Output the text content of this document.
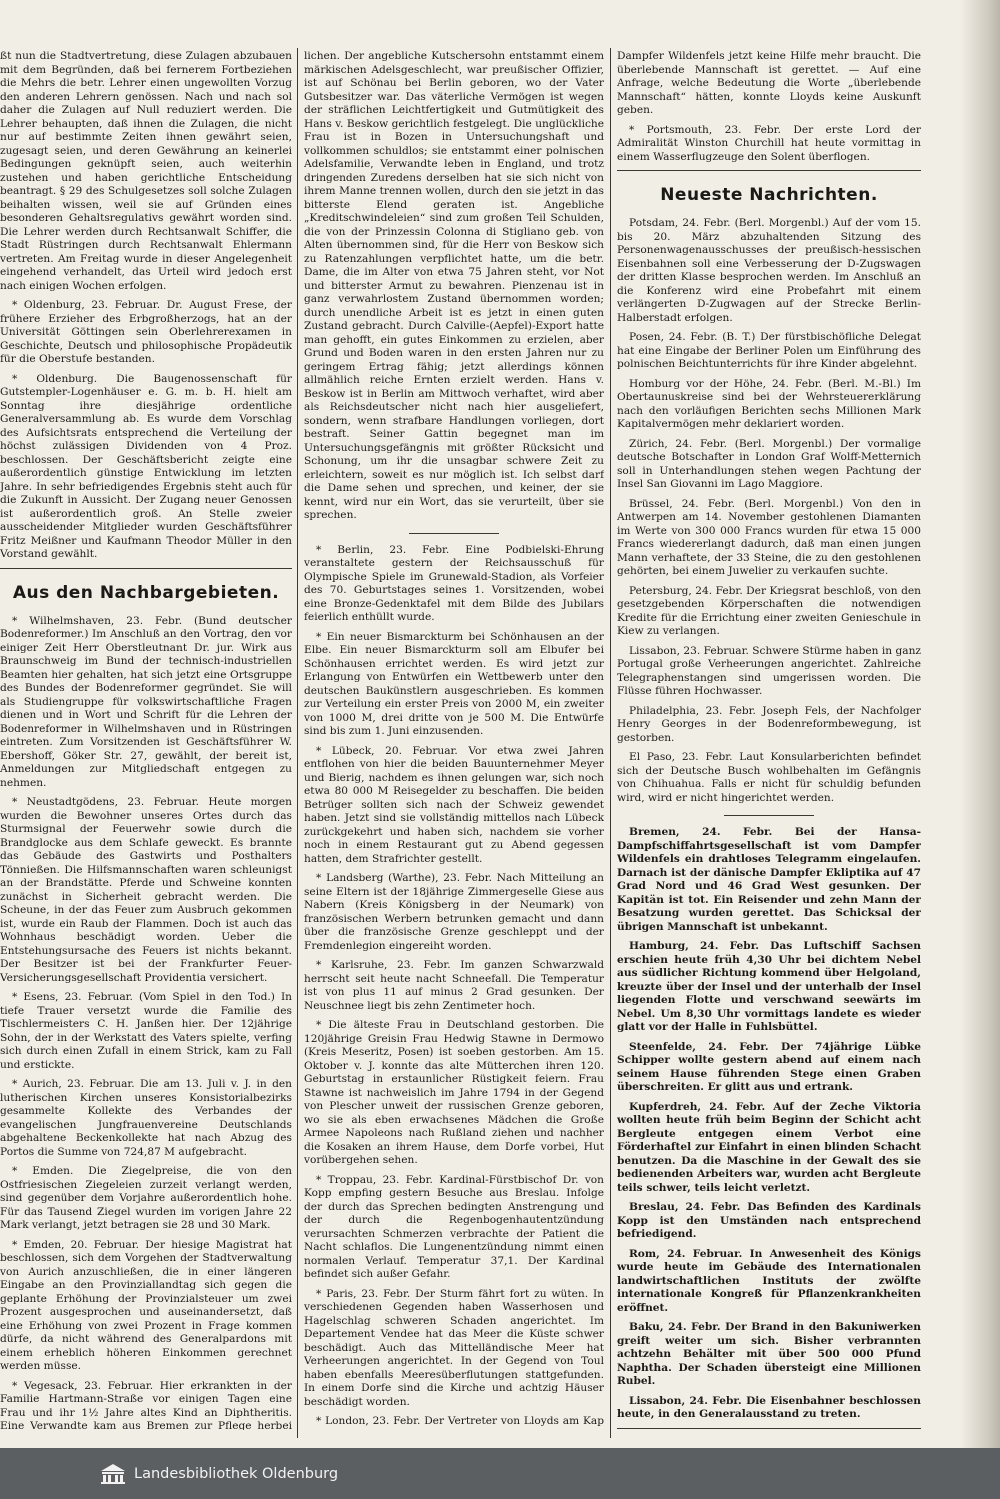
ßt nun die Stadtvertretung, diese Zulagen abzubauen mit dem Begründen, daß bei fernerem Fortbeziehen die Mehrs die betr. Lehrer einen ungewollten Vorzug den anderen Lehrern genössen. Nach und nach sol daher die Zulagen auf Null reduziert werden. Die Lehrer behaupten, daß ihnen die Zulagen, die nicht nur auf bestimmte Zeiten ihnen gewährt seien, zugesagt seien, und deren Gewährung an keinerlei Bedingungen geknüpft seien, auch weiterhin zustehen und haben gerichtliche Entscheidung beantragt. § 29 des Schulgesetzes soll solche Zulagen beihalten wissen, weil sie auf Gründen eines besonderen Gehaltsregulativs gewährt worden sind. Die Lehrer werden durch Rechtsanwalt Schiffer, die Stadt Rüstringen durch Rechtsanwalt Ehlermann vertreten. Am Freitag wurde in dieser Angelegenheit eingehend verhandelt, das Urteil wird jedoch erst nach einigen Wochen erfolgen.

* Oldenburg, 23. Februar. Dr. August Frese, der frühere Erzieher des Erbgroßherzogs, hat an der Universität Göttingen sein Oberlehrerexamen in Geschichte, Deutsch und philosophische Propädeutik für die Oberstufe bestanden.

* Oldenburg. Die Baugenossenschaft für Gutstempler-Logenhäuser e. G. m. b. H. hielt am Sonntag ihre diesjährige ordentliche Generalversammlung ab. Es wurde dem Vorschlag des Aufsichtsrats entsprechend die Verteilung der höchst zulässigen Dividenden von 4 Proz. beschlossen. Der Geschäftsbericht zeigte eine außerordentlich günstige Entwicklung im letzten Jahre. In sehr befriedigendes Ergebnis steht auch für die Zukunft in Aussicht. Der Zugang neuer Genossen ist außerordentlich groß. An Stelle zweier ausscheidender Mitglieder wurden Geschäftsführer Fritz Meißner und Kaufmann Theodor Müller in den Vorstand gewählt.

Aus den Nachbargebieten.

* Wilhelmshaven, 23. Febr. (Bund deutscher Bodenreformer.) Im Anschluß an den Vortrag, den vor einiger Zeit Herr Oberstleutnant Dr. jur. Wirk aus Braunschweig im Bund der technisch-industriellen Beamten hier gehalten, hat sich jetzt eine Ortsgruppe des Bundes der Bodenreformer gegründet. Sie will als Studiengruppe für volkswirtschaftliche Fragen dienen und in Wort und Schrift für die Lehren der Bodenreformer in Wilhelmshaven und in Rüstringen eintreten. Zum Vorsitzenden ist Geschäftsführer W. Ebershoff, Göker Str. 27, gewählt, der bereit ist, Anmeldungen zur Mitgliedschaft entgegen zu nehmen.

* Neustadtgödens, 23. Februar. Heute morgen wurden die Bewohner unseres Ortes durch das Sturmsignal der Feuerwehr sowie durch die Brandglocke aus dem Schlafe geweckt. Es brannte das Gebäude des Gastwirts und Posthalters Tönnießen. Die Hilfsmannschaften waren schleunigst an der Brandstätte. Pferde und Schweine konnten zunächst in Sicherheit gebracht werden. Die Scheune, in der das Feuer zum Ausbruch gekommen ist, wurde ein Raub der Flammen. Doch ist auch das Wohnhaus beschädigt worden. Ueber die Entstehungsursache des Feuers ist nichts bekannt. Der Besitzer ist bei der Frankfurter Feuer-Versicherungsgesellschaft Providentia versichert.

* Esens, 23. Februar. (Vom Spiel in den Tod.) In tiefe Trauer versetzt wurde die Familie des Tischlermeisters C. H. Janßen hier. Der 12jährige Sohn, der in der Werkstatt des Vaters spielte, verfing sich durch einen Zufall in einem Strick, kam zu Fall und erstickte.

* Aurich, 23. Februar. Die am 13. Juli v. J. in den lutherischen Kirchen unseres Konsistorialbezirks gesammelte Kollekte des Verbandes der evangelischen Jungfrauenvereine Deutschlands abgehaltene Beckenkollekte hat nach Abzug des Portos die Summe von 724,87 M aufgebracht.

* Emden. Die Ziegelpreise, die von den Ostfriesischen Ziegeleien zurzeit verlangt werden, sind gegenüber dem Vorjahre außerordentlich hohe. Für das Tausend Ziegel wurden im vorigen Jahre 22 Mark verlangt, jetzt betragen sie 28 und 30 Mark.

* Emden, 20. Februar. Der hiesige Magistrat hat beschlossen, sich dem Vorgehen der Stadtverwaltung von Aurich anzuschließen, die in einer längeren Eingabe an den Provinziallandtag sich gegen die geplante Erhöhung der Provinzialsteuer um zwei Prozent ausgesprochen und auseinandersetzt, daß eine Erhöhung von zwei Prozent in Frage kommen dürfe, da nicht während des Generalpardons mit einem erheblich höheren Einkommen gerechnet werden müsse.

* Vegesack, 23. Februar. Hier erkrankten in der Familie Hartmann-Straße vor einigen Tagen eine Frau und ihr 1½ Jahre altes Kind an Diphtheritis. Eine Verwandte kam aus Bremen zur Pflege herbei

lichen. Der angebliche Kutschersohn entstammt einem märkischen Adelsgeschlecht, war preußischer Offizier, ist auf Schönau bei Berlin geboren, wo der Vater Gutsbesitzer war. Das väterliche Vermögen ist wegen der sträflichen Leichtfertigkeit und Gutmütigkeit des Hans v. Beskow gerichtlich festgelegt. Die unglückliche Frau ist in Bozen in Untersuchungshaft und vollkommen schuldlos; sie entstammt einer polnischen Adelsfamilie, Verwandte leben in England, und trotz dringenden Zuredens derselben hat sie sich nicht von ihrem Manne trennen wollen, durch den sie jetzt in das bitterste Elend geraten ist. Angebliche „Kreditschwindeleien“ sind zum großen Teil Schulden, die von der Prinzessin Colonna di Stigliano geb. von Alten übernommen sind, für die Herr von Beskow sich zu Ratenzahlungen verpflichtet hatte, um die betr. Dame, die im Alter von etwa 75 Jahren steht, vor Not und bitterster Armut zu bewahren. Pienzenau ist in ganz verwahrlostem Zustand übernommen worden; durch unendliche Arbeit ist es jetzt in einen guten Zustand gebracht. Durch Calville-(Aepfel)-Export hatte man gehofft, ein gutes Einkommen zu erzielen, aber Grund und Boden waren in den ersten Jahren nur zu geringem Ertrag fähig; jetzt allerdings können allmählich reiche Ernten erzielt werden. Hans v. Beskow ist in Berlin am Mittwoch verhaftet, wird aber als Reichsdeutscher nicht nach hier ausgeliefert, sondern, wenn strafbare Handlungen vorliegen, dort bestraft. Seiner Gattin begegnet man im Untersuchungsgefängnis mit größter Rücksicht und Schonung, um ihr die unsagbar schwere Zeit zu erleichtern, soweit es nur möglich ist. Ich selbst darf die Dame sehen und sprechen, und keiner, der sie kennt, wird nur ein Wort, das sie verurteilt, über sie sprechen.

* Berlin, 23. Febr. Eine Podbielski-Ehrung veranstaltete gestern der Reichsausschuß für Olympische Spiele im Grunewald-Stadion, als Vorfeier des 70. Geburtstages seines 1. Vorsitzenden, wobei eine Bronze-Gedenktafel mit dem Bilde des Jubilars feierlich enthüllt wurde.

* Ein neuer Bismarckturm bei Schönhausen an der Elbe. Ein neuer Bismarckturm soll am Elbufer bei Schönhausen errichtet werden. Es wird jetzt zur Erlangung von Entwürfen ein Wettbewerb unter den deutschen Baukünstlern ausgeschrieben. Es kommen zur Verteilung ein erster Preis von 2000 M, ein zweiter von 1000 M, drei dritte von je 500 M. Die Entwürfe sind bis zum 1. Juni einzusenden.

* Lübeck, 20. Februar. Vor etwa zwei Jahren entflohen von hier die beiden Bauunternehmer Meyer und Bierig, nachdem es ihnen gelungen war, sich noch etwa 80 000 M Reisegelder zu beschaffen. Die beiden Betrüger sollten sich nach der Schweiz gewendet haben. Jetzt sind sie vollständig mittellos nach Lübeck zurückgekehrt und haben sich, nachdem sie vorher noch in einem Restaurant gut zu Abend gegessen hatten, dem Strafrichter gestellt.

* Landsberg (Warthe), 23. Febr. Nach Mitteilung an seine Eltern ist der 18jährige Zimmergeselle Giese aus Nabern (Kreis Königsberg in der Neumark) von französischen Werbern betrunken gemacht und dann über die französische Grenze geschleppt und der Fremdenlegion eingereiht worden.

* Karlsruhe, 23. Febr. Im ganzen Schwarzwald herrscht seit heute nacht Schneefall. Die Temperatur ist von plus 11 auf minus 2 Grad gesunken. Der Neuschnee liegt bis zehn Zentimeter hoch.

* Die älteste Frau in Deutschland gestorben. Die 120jährige Greisin Frau Hedwig Stawne in Dermowo (Kreis Meseritz, Posen) ist soeben gestorben. Am 15. Oktober v. J. konnte das alte Mütterchen ihren 120. Geburtstag in erstaunlicher Rüstigkeit feiern. Frau Stawne ist nachweislich im Jahre 1794 in der Gegend von Plescher unweit der russischen Grenze geboren, wo sie als eben erwachsenes Mädchen die Große Armee Napoleons nach Rußland ziehen und nachher die Kosaken an ihrem Hause, dem Dorfe vorbei, Hut vorübergehen sehen.

* Troppau, 23. Febr. Kardinal-Fürstbischof Dr. von Kopp empfing gestern Besuche aus Breslau. Infolge der durch das Sprechen bedingten Anstrengung und der durch die Regenbogenhautentzündung verursachten Schmerzen verbrachte der Patient die Nacht schlaflos. Die Lungenentzündung nimmt einen normalen Verlauf. Temperatur 37,1. Der Kardinal befindet sich außer Gefahr.

* Paris, 23. Febr. Der Sturm fährt fort zu wüten. In verschiedenen Gegenden haben Wasserhosen und Hagelschlag schweren Schaden angerichtet. Im Departement Vendee hat das Meer die Küste schwer beschädigt. Auch das Mittelländische Meer hat Verheerungen angerichtet. In der Gegend von Toul haben ebenfalls Meeresüberflutungen stattgefunden. In einem Dorfe sind die Kirche und achtzig Häuser beschädigt worden.

* London, 23. Febr. Der Vertreter von Lloyds am Kap

Dampfer Wildenfels jetzt keine Hilfe mehr braucht. Die überlebende Mannschaft ist gerettet. — Auf eine Anfrage, welche Bedeutung die Worte „überlebende Mannschaft“ hätten, konnte Lloyds keine Auskunft geben.

* Portsmouth, 23. Febr. Der erste Lord der Admiralität Winston Churchill hat heute vormittag in einem Wasserflugzeuge den Solent überflogen.

Neueste Nachrichten.

Potsdam, 24. Febr. (Berl. Morgenbl.) Auf der vom 15. bis 20. März abzuhaltenden Sitzung des Personenwagenausschusses der preußisch-hessischen Eisenbahnen soll eine Verbesserung der D-Zugswagen der dritten Klasse besprochen werden. Im Anschluß an die Konferenz wird eine Probefahrt mit einem verlängerten D-Zugwagen auf der Strecke Berlin-Halberstadt erfolgen.

Posen, 24. Febr. (B. T.) Der fürstbischöfliche Delegat hat eine Eingabe der Berliner Polen um Einführung des polnischen Beichtunterrichts für ihre Kinder abgelehnt.

Homburg vor der Höhe, 24. Febr. (Berl. M.-Bl.) Im Obertaunuskreise sind bei der Wehrsteuererklärung nach den vorläufigen Berichten sechs Millionen Mark Kapitalvermögen mehr deklariert worden.

Zürich, 24. Febr. (Berl. Morgenbl.) Der vormalige deutsche Botschafter in London Graf Wolff-Metternich soll in Unterhandlungen stehen wegen Pachtung der Insel San Giovanni im Lago Maggiore.

Brüssel, 24. Febr. (Berl. Morgenbl.) Von den in Antwerpen am 14. November gestohlenen Diamanten im Werte von 300 000 Francs wurden für etwa 15 000 Francs wiedererlangt dadurch, daß man einen jungen Mann verhaftete, der 33 Steine, die zu den gestohlenen gehörten, bei einem Juwelier zu verkaufen suchte.

Petersburg, 24. Febr. Der Kriegsrat beschloß, von den gesetzgebenden Körperschaften die notwendigen Kredite für die Errichtung einer zweiten Genieschule in Kiew zu verlangen.

Lissabon, 23. Februar. Schwere Stürme haben in ganz Portugal große Verheerungen angerichtet. Zahlreiche Telegraphenstangen sind umgerissen worden. Die Flüsse führen Hochwasser.

Philadelphia, 23. Febr. Joseph Fels, der Nachfolger Henry Georges in der Bodenreformbewegung, ist gestorben.

El Paso, 23. Febr. Laut Konsularberichten befindet sich der Deutsche Busch wohlbehalten im Gefängnis von Chihuahua. Falls er nicht für schuldig befunden wird, wird er nicht hingerichtet werden.

Bremen, 24. Febr. Bei der Hansa-Dampfschiffahrtsgesellschaft ist vom Dampfer Wildenfels ein drahtloses Telegramm eingelaufen. Darnach ist der dänische Dampfer Ekliptika auf 47 Grad Nord und 46 Grad West gesunken. Der Kapitän ist tot. Ein Reisender und zehn Mann der Besatzung wurden gerettet. Das Schicksal der übrigen Mannschaft ist unbekannt.

Hamburg, 24. Febr. Das Luftschiff Sachsen erschien heute früh 4,30 Uhr bei dichtem Nebel aus südlicher Richtung kommend über Helgoland, kreuzte über der Insel und der unterhalb der Insel liegenden Flotte und verschwand seewärts im Nebel. Um 8,30 Uhr vormittags landete es wieder glatt vor der Halle in Fuhlsbüttel.

Steenfelde, 24. Febr. Der 74jährige Lübke Schipper wollte gestern abend auf einem nach seinem Hause führenden Stege einen Graben überschreiten. Er glitt aus und ertrank.

Kupferdreh, 24. Febr. Auf der Zeche Viktoria wollten heute früh beim Beginn der Schicht acht Bergleute entgegen einem Verbot eine Förderhaftel zur Einfahrt in einen blinden Schacht benutzen. Da die Maschine in der Gewalt des sie bedienenden Arbeiters war, wurden acht Bergleute teils schwer, teils leicht verletzt.

Breslau, 24. Febr. Das Befinden des Kardinals Kopp ist den Umständen nach entsprechend befriedigend.

Rom, 24. Februar. In Anwesenheit des Königs wurde heute im Gebäude des Internationalen landwirtschaftlichen Instituts der zwölfte internationale Kongreß für Pflanzenkrankheiten eröffnet.

Baku, 24. Febr. Der Brand in den Bakuniwerken greift weiter um sich. Bisher verbrannten achtzehn Behälter mit über 500 000 Pfund Naphtha. Der Schaden übersteigt eine Millionen Rubel.

Lissabon, 24. Febr. Die Eisenbahner beschlossen heute, in den Generalausstand zu treten.

Landesbibliothek Oldenburg
